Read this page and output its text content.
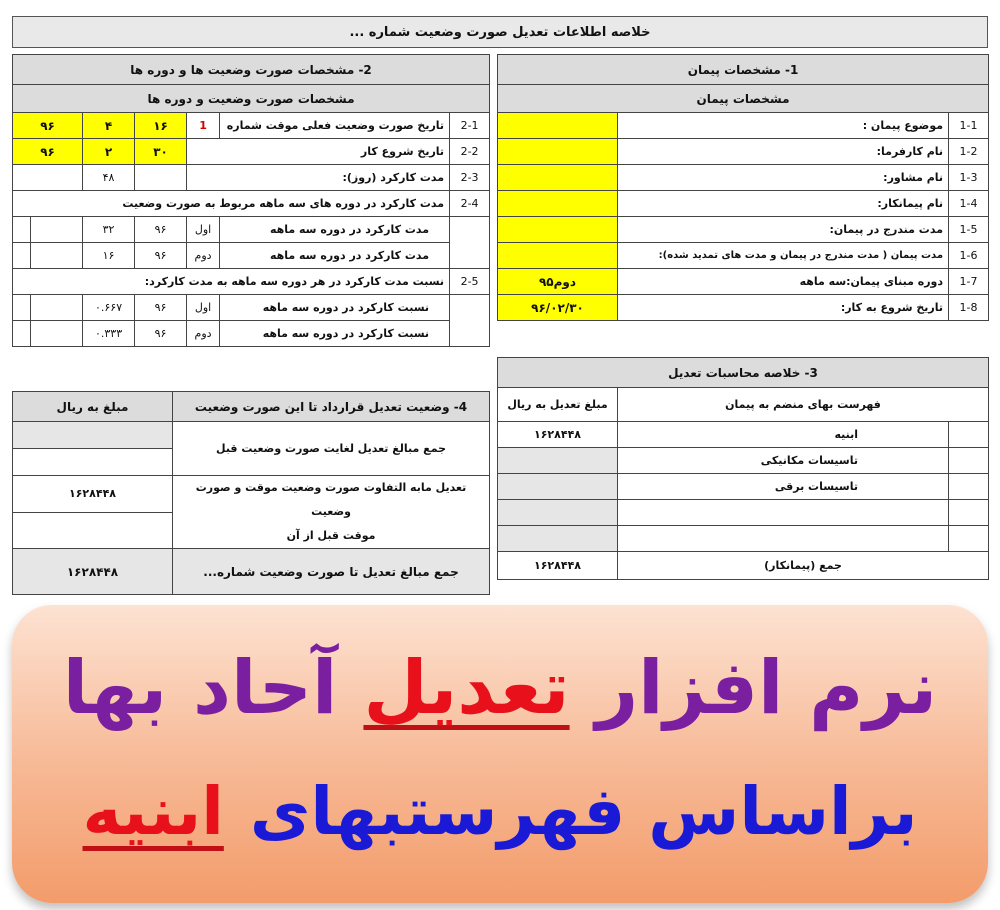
خلاصه اطلاعات تعدیل صورت وضعیت شماره ...
1- مشخصات پیمان		
مشخصات پیمان		
1-1	موضوع پیمان :	
1-2	نام کارفرما:	
1-3	نام مشاور:	
1-4	نام پیمانکار:	
1-5	مدت مندرج در پیمان:	
1-6	مدت پیمان ( مدت مندرج در پیمان و مدت های تمدید شده):	
1-7	دوره مبنای پیمان:سه ماهه	دوم۹۵
1-8	تاریخ شروع به کار:	۹۶/۰۲/۳۰
2- مشخصات صورت وضعیت ها و دوره ها						
مشخصات صورت وضعیت و دوره ها						
2-1	تاریخ صورت وضعیت فعلی موقت شماره	1	۱۶	۴	۹۶	
2-2	تاریخ شروع کار		۳۰	۲	۹۶	
2-3	مدت کارکرد (روز):			۴۸		
2-4	مدت کارکرد در دوره های سه ماهه مربوط به صورت وضعیت					
	مدت کارکرد در دوره سه ماهه	اول	۹۶	۳۲		
	مدت کارکرد در دوره سه ماهه	دوم	۹۶	۱۶		
2-5	نسبت مدت کارکرد در هر دوره سه ماهه به مدت کارکرد:					
	نسبت کارکرد در دوره سه ماهه	اول	۹۶	۰.۶۶۷		
	نسبت کارکرد در دوره سه ماهه	دوم	۹۶	۰.۳۳۳		
3- خلاصه محاسبات تعدیل		
فهرست بهای منضم به پیمان		مبلغ تعدیل به ریال
	ابنیه	۱۶۲۸۴۴۸
	تاسیسات مکانیکی	
	تاسیسات برقی	

جمع (پیمانکار)		۱۶۲۸۴۴۸
4- وضعیت تعدیل قرارداد تا این صورت وضعیت	مبلغ به ریال
جمع مبالغ تعدیل لغایت صورت وضعیت قبل	

تعدیل مابه التفاوت صورت وضعیت موقت و صورت وضعیت
موقت قبل از آن	۱۶۲۸۴۴۸

جمع مبالغ تعدیل تا صورت وضعیت شماره...	۱۶۲۸۴۴۸
نرم افزارتعدیلآحاد بها
براساس فهرستبهایابنیه
